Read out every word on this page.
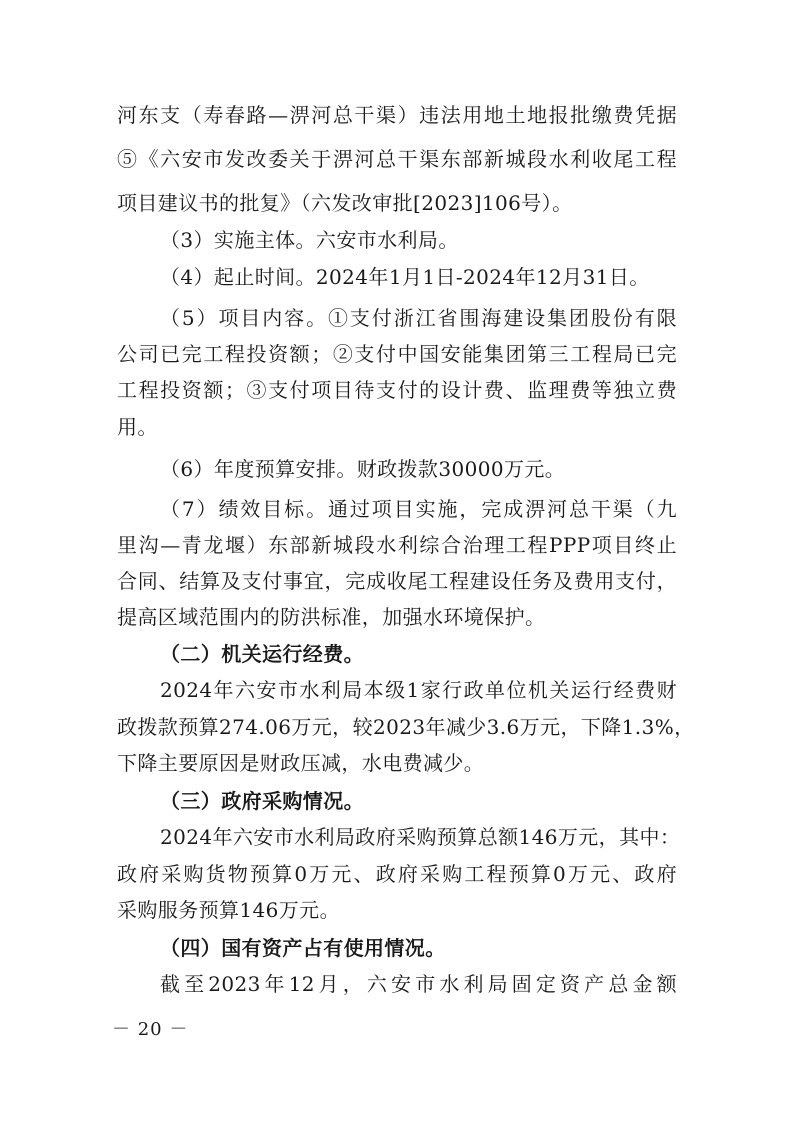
河东支（寿春路—淠河总干渠）违法用地土地报批缴费凭据
⑤《六安市发改委关于淠河总干渠东部新城段水利收尾工程
项目建议书的批复》（六发改审批[2023]106号）。
（3）实施主体。六安市水利局。
（4）起止时间。2024年1月1日-2024年12月31日。
（5）项目内容。①支付浙江省围海建设集团股份有限
公司已完工程投资额；②支付中国安能集团第三工程局已完
工程投资额；③支付项目待支付的设计费、监理费等独立费
用。
（6）年度预算安排。财政拨款30000万元。
（7）绩效目标。通过项目实施，完成淠河总干渠（九
里沟—青龙堰）东部新城段水利综合治理工程PPP项目终止
合同、结算及支付事宜，完成收尾工程建设任务及费用支付，
提高区域范围内的防洪标准，加强水环境保护。
（二）机关运行经费。
2024年六安市水利局本级1家行政单位机关运行经费财
政拨款预算274.06万元，较2023年减少3.6万元，下降1.3%，
下降主要原因是财政压减，水电费减少。
（三）政府采购情况。
2024年六安市水利局政府采购预算总额146万元，其中：
政府采购货物预算0万元、政府采购工程预算0万元、政府
采购服务预算146万元。
（四）国有资产占有使用情况。
截至2023年12月，六安市水利局固定资产总金额
－ 20 －
